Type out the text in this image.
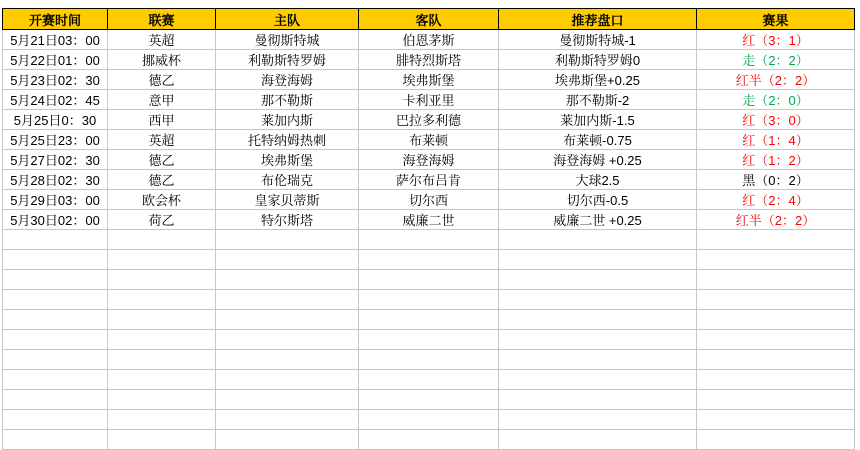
开赛时间	联赛	主队	客队	推荐盘口	赛果
5月21日03：00	英超	曼彻斯特城	伯恩茅斯	曼彻斯特城-1	红（3：1）
5月22日01：00	挪威杯	利勒斯特罗姆	腓特烈斯塔	利勒斯特罗姆0	走（2：2）
5月23日02：30	德乙	海登海姆	埃弗斯堡	埃弗斯堡+0.25	红半（2：2）
5月24日02：45	意甲	那不勒斯	卡利亚里	那不勒斯-2	走（2：0）
5月25日0：30	西甲	莱加内斯	巴拉多利德	莱加内斯-1.5	红（3：0）
5月25日23：00	英超	托特纳姆热刺	布莱顿	布莱顿-0.75	红（1：4）
5月27日02：30	德乙	埃弗斯堡	海登海姆	海登海姆 +0.25	红（1：2）
5月28日02：30	德乙	布伦瑞克	萨尔布吕肯	大球2.5	黑（0：2）
5月29日03：00	欧会杯	皇家贝蒂斯	切尔西	切尔西-0.5	红（2：4）
5月30日02：00	荷乙	特尔斯塔	威廉二世	威廉二世 +0.25	红半（2：2）
